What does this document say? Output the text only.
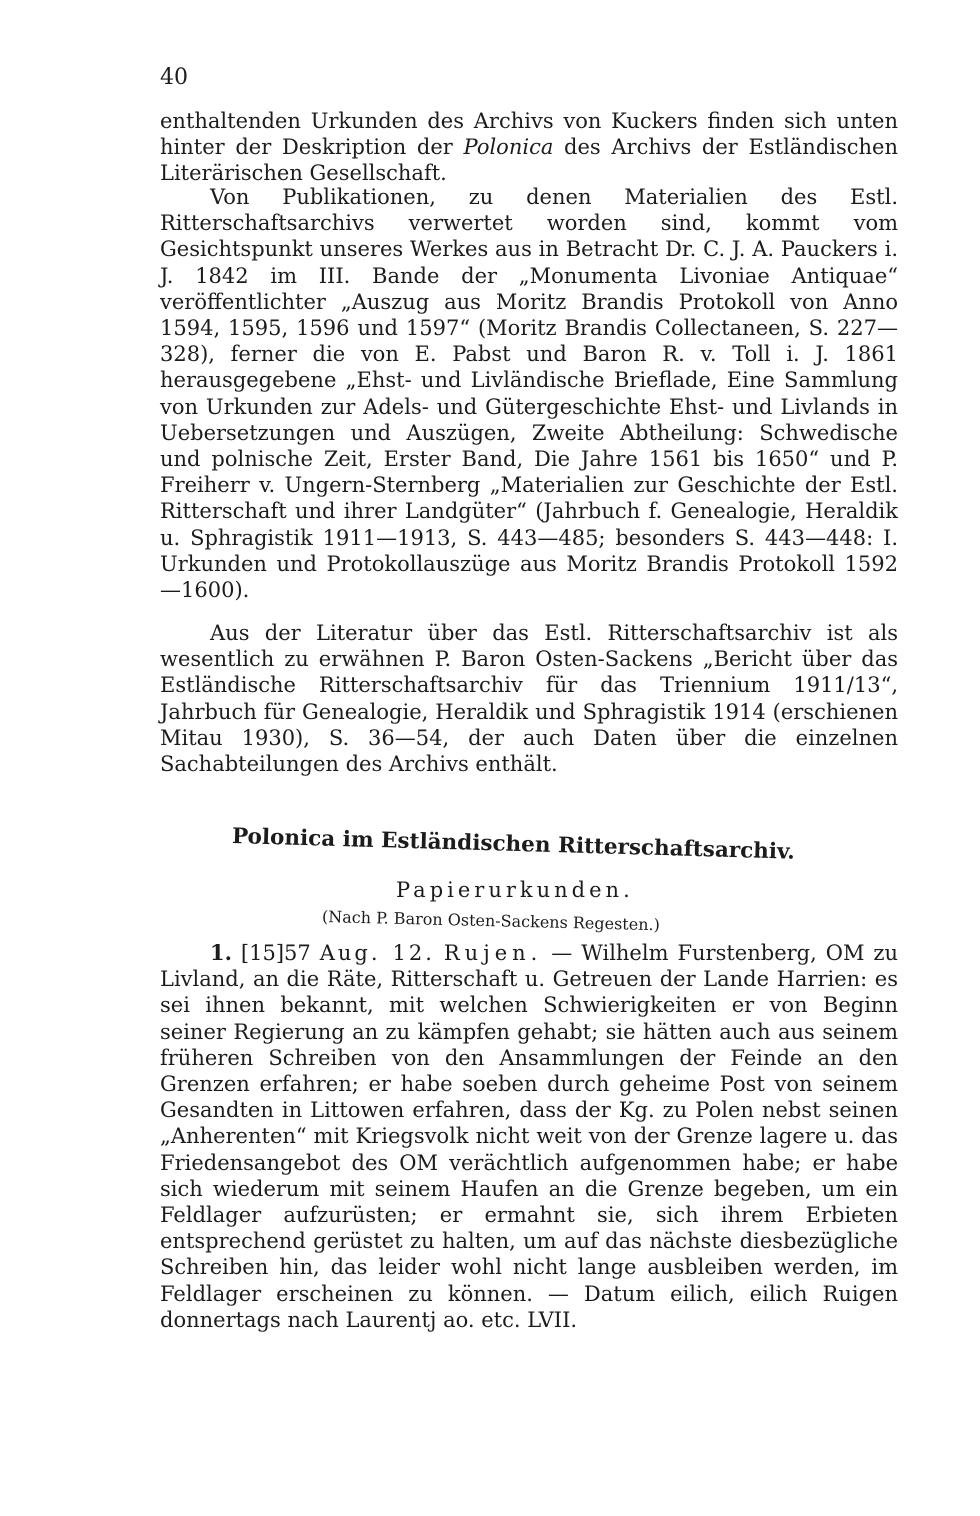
40
enthaltenden Urkunden des Archivs von Kuckers finden sich unten hinter der Deskription der Polonica des Archivs der Estländischen Literärischen Gesellschaft.
Von Publikationen, zu denen Materialien des Estl. Ritterschaftsarchivs verwertet worden sind, kommt vom Gesichtspunkt unseres Werkes aus in Betracht Dr. C. J. A. Pauckers i. J. 1842 im III. Bande der „Monumenta Livoniae Antiquae“ veröffentlichter „Auszug aus Moritz Brandis Protokoll von Anno 1594, 1595, 1596 und 1597“ (Moritz Brandis Collectaneen, S. 227—328), ferner die von E. Pabst und Baron R. v. Toll i. J. 1861 herausgegebene „Ehst- und Livländische Brieflade, Eine Sammlung von Urkunden zur Adels- und Gütergeschichte Ehst- und Livlands in Uebersetzungen und Auszügen, Zweite Abtheilung: Schwedische und polnische Zeit, Erster Band, Die Jahre 1561 bis 1650“ und P. Freiherr v. Ungern-Sternberg „Materialien zur Geschichte der Estl. Ritterschaft und ihrer Landgüter“ (Jahrbuch f. Genealogie, Heraldik u. Sphragistik 1911—1913, S. 443—485; besonders S. 443—448: I. Urkunden und Protokollauszüge aus Moritz Brandis Protokoll 1592—1600).
Aus der Literatur über das Estl. Ritterschaftsarchiv ist als wesentlich zu erwähnen P. Baron Osten-Sackens „Bericht über das Estländische Ritterschaftsarchiv für das Triennium 1911/13“, Jahrbuch für Genealogie, Heraldik und Sphragistik 1914 (erschienen Mitau 1930), S. 36—54, der auch Daten über die einzelnen Sachabteilungen des Archivs enthält.
Polonica im Estländischen Ritterschaftsarchiv.
Papierurkunden.
(Nach P. Baron Osten-Sackens Regesten.)
1. [15]57 Aug. 12. Rujen. — Wilhelm Furstenberg, OM zu Livland, an die Räte, Ritterschaft u. Getreuen der Lande Harrien: es sei ihnen bekannt, mit welchen Schwierigkeiten er von Beginn seiner Regierung an zu kämpfen gehabt; sie hätten auch aus seinem früheren Schreiben von den Ansammlungen der Feinde an den Grenzen erfahren; er habe soeben durch geheime Post von seinem Gesandten in Littowen erfahren, dass der Kg. zu Polen nebst seinen „Anherenten“ mit Kriegsvolk nicht weit von der Grenze lagere u. das Friedensangebot des OM verächtlich aufgenommen habe; er habe sich wiederum mit seinem Haufen an die Grenze begeben, um ein Feldlager aufzurüsten; er ermahnt sie, sich ihrem Erbieten entsprechend gerüstet zu halten, um auf das nächste diesbezügliche Schreiben hin, das leider wohl nicht lange ausbleiben werden, im Feldlager erscheinen zu können. — Datum eilich, eilich Ruigen donnertags nach Laurentj ao. etc. LVII.
